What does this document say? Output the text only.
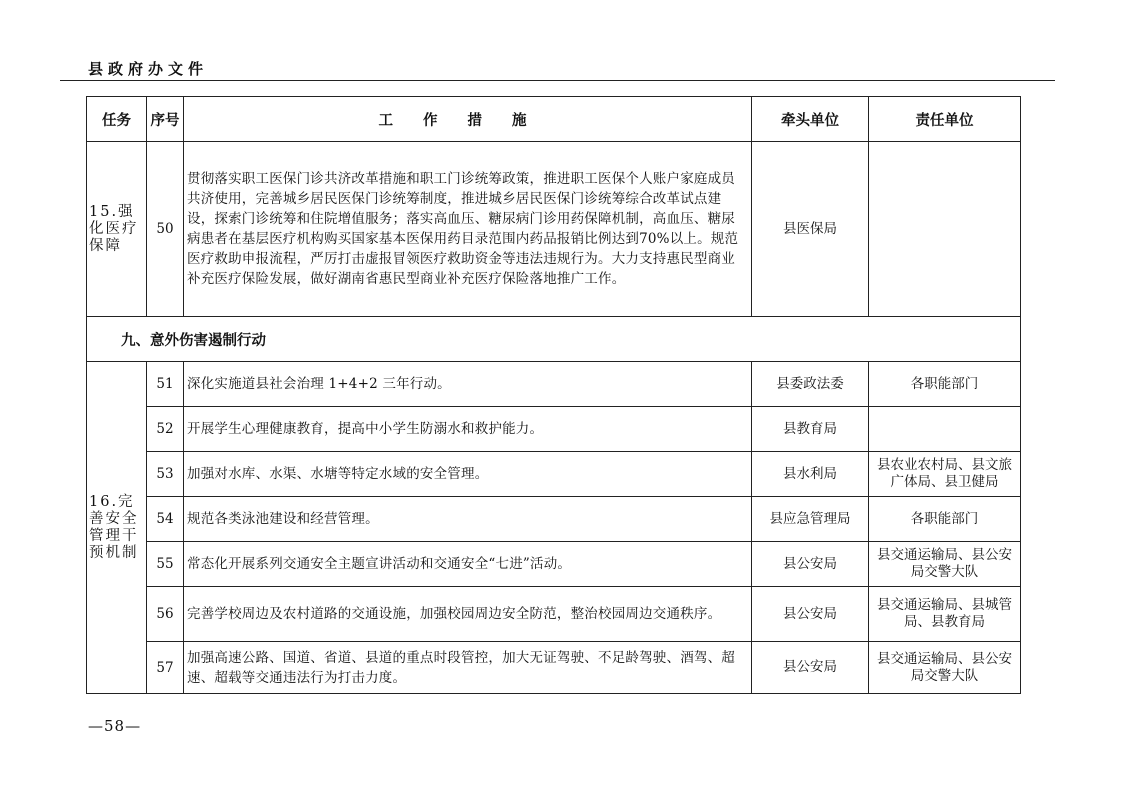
县政府办文件
任务	序号	工作措施	牵头单位	责任单位
15.强化医疗保障	50	贯彻落实职工医保门诊共济改革措施和职工门诊统筹政策，推进职工医保个人账户家庭成员共济使用，完善城乡居民医保门诊统筹制度，推进城乡居民医保门诊统筹综合改革试点建设，探索门诊统筹和住院增值服务；落实高血压、糖尿病门诊用药保障机制，高血压、糖尿病患者在基层医疗机构购买国家基本医保用药目录范围内药品报销比例达到70%以上。规范医疗救助申报流程，严厉打击虚报冒领医疗救助资金等违法违规行为。大力支持惠民型商业补充医疗保险发展，做好湖南省惠民型商业补充医疗保险落地推广工作。	县医保局	
九、意外伤害遏制行动				
16.完善安全管理干预机制	51	深化实施道县社会治理 1+4+2 三年行动。	县委政法委	各职能部门
	52	开展学生心理健康教育，提高中小学生防溺水和救护能力。	县教育局	
	53	加强对水库、水渠、水塘等特定水域的安全管理。	县水利局	县农业农村局、县文旅广体局、县卫健局
	54	规范各类泳池建设和经营管理。	县应急管理局	各职能部门
	55	常态化开展系列交通安全主题宣讲活动和交通安全“七进”活动。	县公安局	县交通运输局、县公安局交警大队
	56	完善学校周边及农村道路的交通设施，加强校园周边安全防范，整治校园周边交通秩序。	县公安局	县交通运输局、县城管局、县教育局
	57	加强高速公路、国道、省道、县道的重点时段管控，加大无证驾驶、不足龄驾驶、酒驾、超速、超载等交通违法行为打击力度。	县公安局	县交通运输局、县公安局交警大队
—58—
